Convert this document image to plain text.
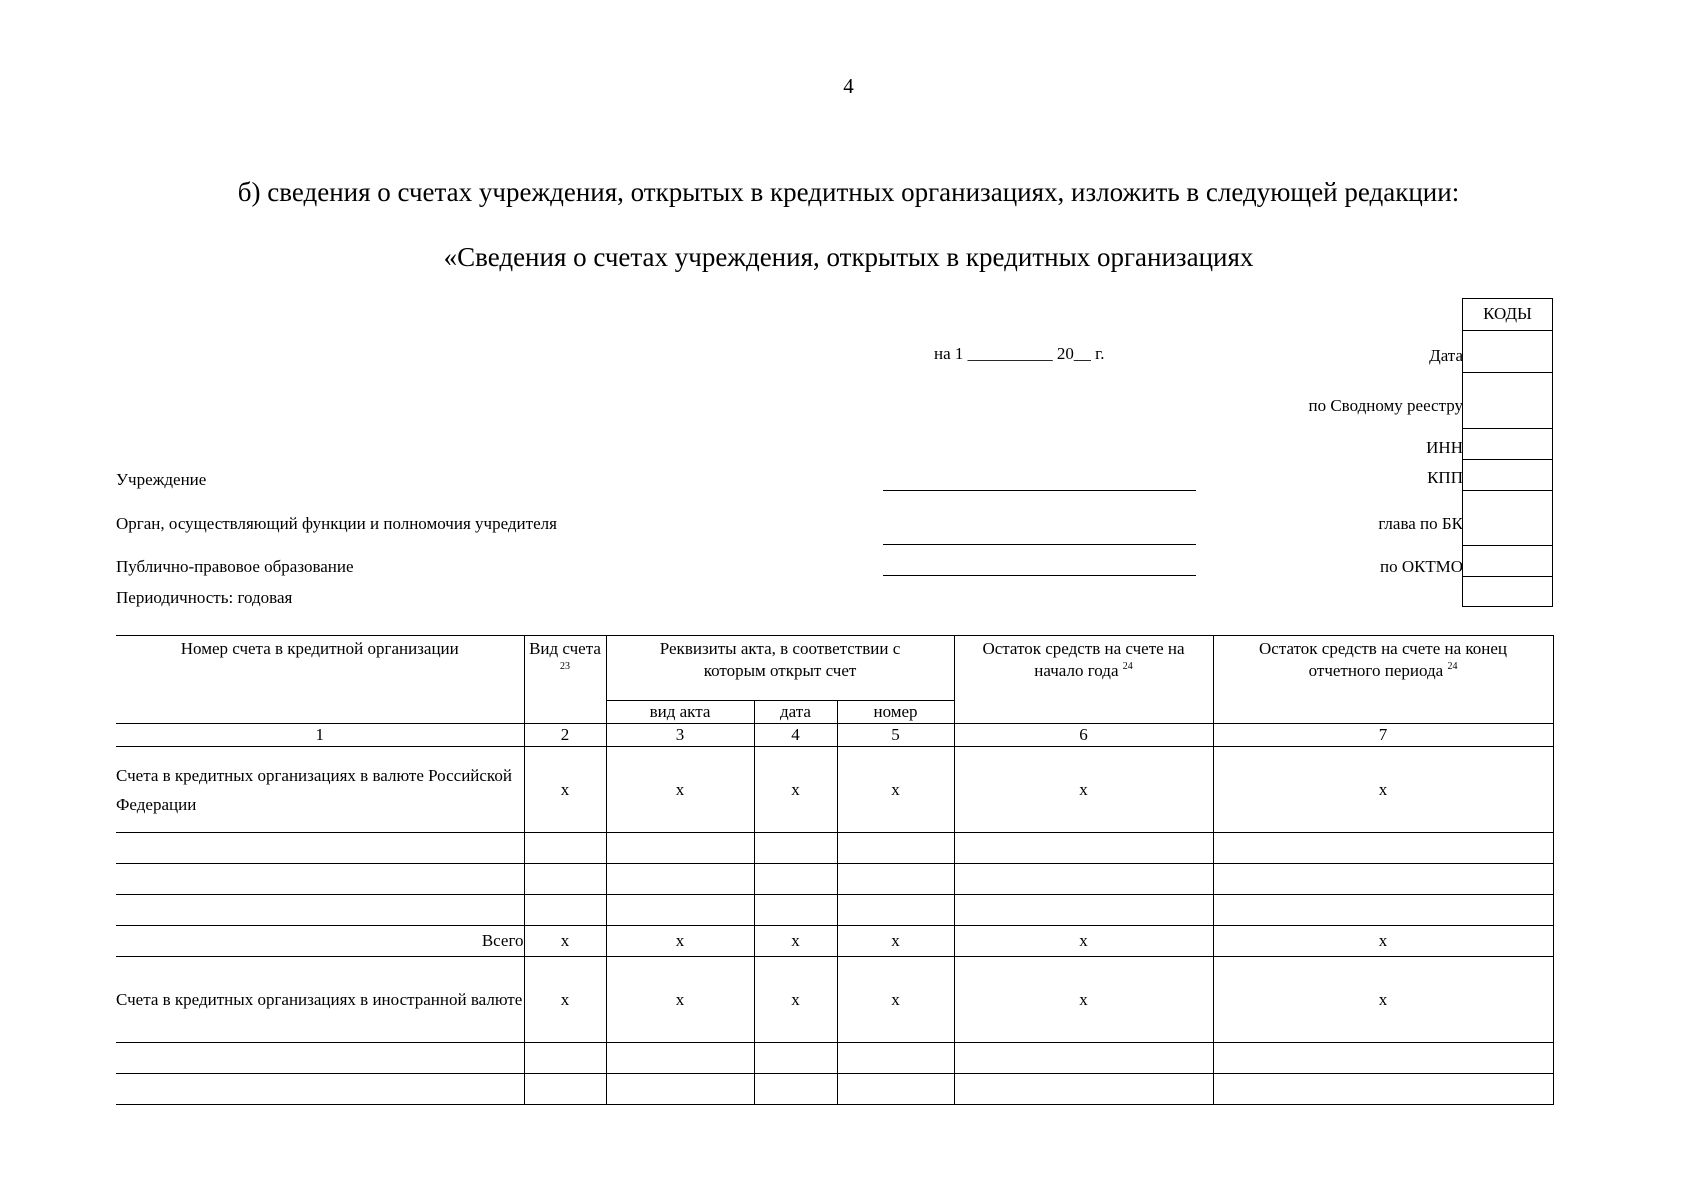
4
б) сведения о счетах учреждения, открытых в кредитных организациях, изложить в следующей редакции:
«Сведения о счетах учреждения, открытых в кредитных организациях
на 1 __________ 20__ г.
Учреждение
Орган, осуществляющий функции и полномочия учредителя
Публично-правовое образование
Периодичность: годовая
Дата
по Сводному реестру
ИНН
КПП
глава по БК
по ОКТМО
КОДЫ
Номер счета в кредитной организации	Вид счета $^{23}$	Реквизиты акта, в соответствии с которым открыт счет			Остаток средств на счете на начало года $^{24}$	Остаток средств на счете на конец отчетного периода $^{24}$
		вид акта	дата	номер		
1	2	3	4	5	6	7
Счета в кредитных организациях в валюте Российской Федерации	x	x	x	x	x	x

Всего	x	x	x	x	x	x
Счета в кредитных организациях в иностранной валюте	x	x	x	x	x	x
